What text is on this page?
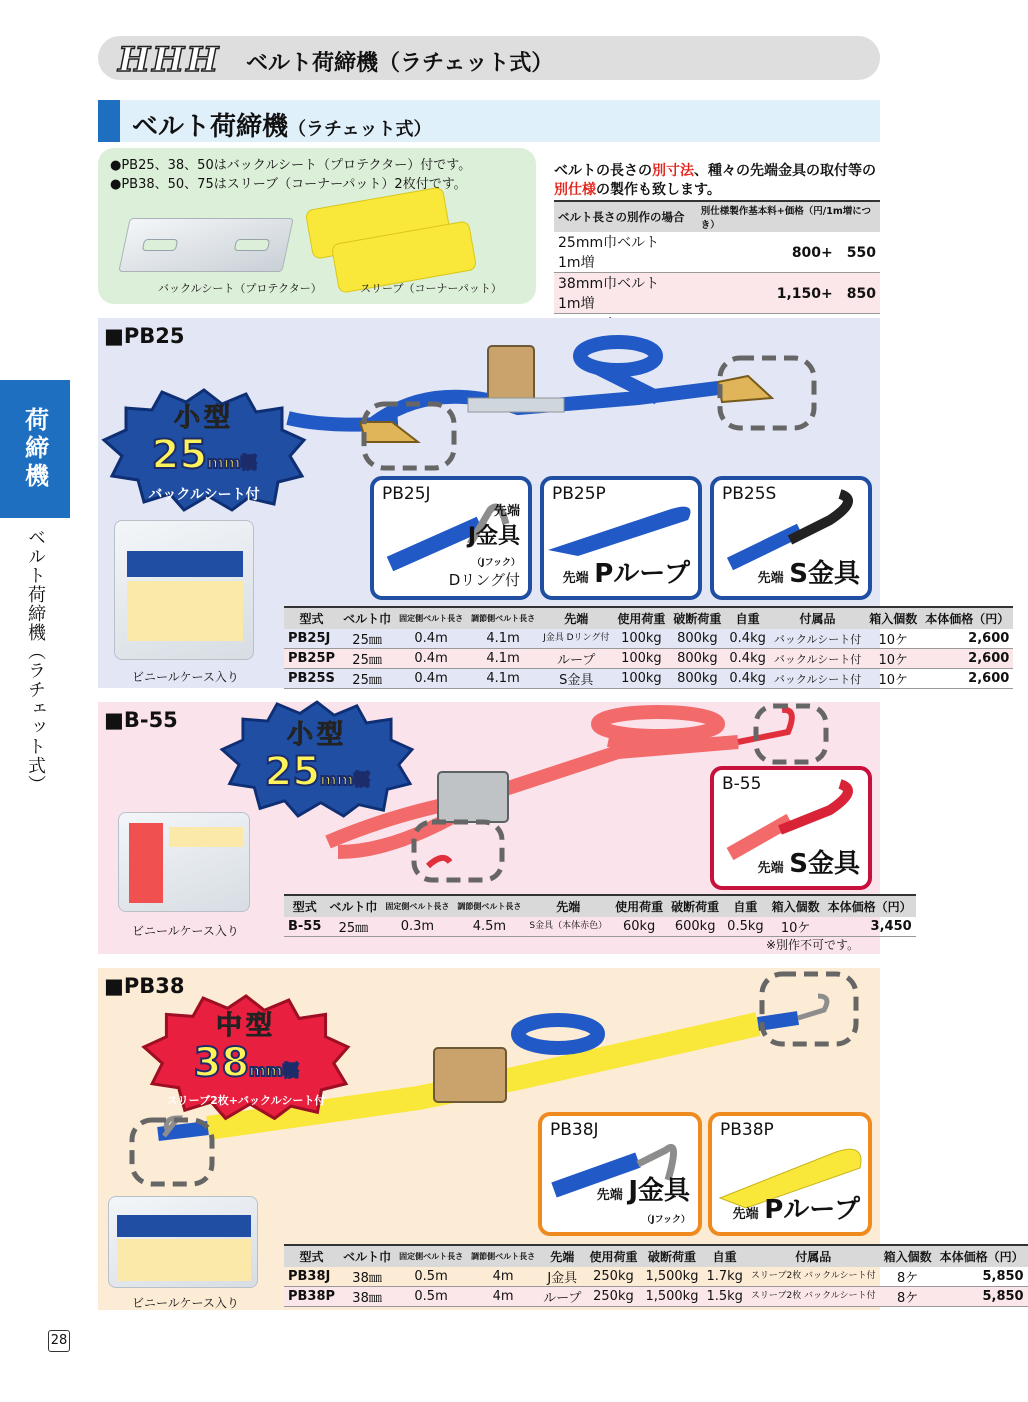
HHH ベルト荷締機（ラチェット式）
ベルト荷締機（ラチェット式）
荷締機
ベルト荷締機（ラチェット式）
●PB25、38、50はバックルシート（プロテクター）付です。
●PB38、50、75はスリーブ（コーナーパット）2枚付です。
バックルシート（プロテクター）	スリーブ（コーナーパット）
ベルトの長さの別寸法、種々の先端金具の取付等の
別仕様の製作も致します。
ベルト長さの別作の場合	別仕様製作基本料+価格（円/1m増につき）
25mm巾ベルト　1m増	800+　550
38mm巾ベルト　1m増	1,150+　850

■PB25
小型
25mm幅
バックルシート付
ビニールケース入り
PB25J
先端
J金具
（Jフック）
Dリング付
PB25P
先端 Pループ
PB25S
先端 S金具
型式	ベルト巾	固定側ベルト長さ	調節側ベルト長さ	先端	使用荷重	破断荷重	自重	付属品	箱入個数	本体価格（円）
PB25J	25㎜	0.4m	4.1m	J金具 Dリング付	100kg	800kg	0.4kg	バックルシート付	10ケ	2,600
PB25P	25㎜	0.4m	4.1m	ループ	100kg	800kg	0.4kg	バックルシート付	10ケ	2,600
PB25S	25㎜	0.4m	4.1m	S金具	100kg	800kg	0.4kg	バックルシート付	10ケ	2,600
■B-55	小型
25mm幅
ビニールケース入り
B-55
先端 S金具
型式	ベルト巾	固定側ベルト長さ	調節側ベルト長さ	先端	使用荷重	破断荷重	自重	箱入個数	本体価格（円）
B-55	25㎜	0.3m	4.5m	S金具（本体赤色）	60kg	600kg	0.5kg	10ケ	3,450
※別作不可です。
■PB38
中型
38mm幅
スリーブ2枚+バックルシート付
ビニールケース入り
PB38J
先端 J金具
（Jフック）
PB38P
先端 Pループ
型式	ベルト巾	固定側ベルト長さ	調節側ベルト長さ	先端	使用荷重	破断荷重	自重	付属品	箱入個数	本体価格（円）
PB38J	38㎜	0.5m	4m	J金具	250kg	1,500kg	1.7kg	スリーブ2枚 バックルシート付	8ケ	5,850
PB38P	38㎜	0.5m	4m	ループ	250kg	1,500kg	1.5kg	スリーブ2枚 バックルシート付	8ケ	5,850
28
